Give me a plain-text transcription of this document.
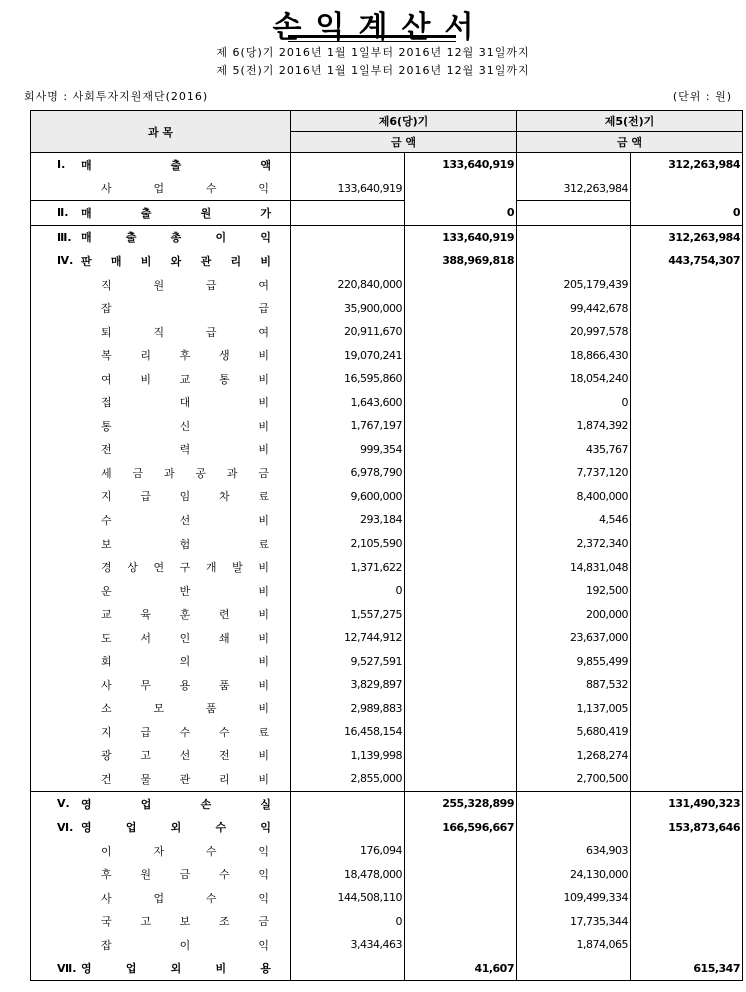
손익계산서
제 6(당)기 2016년 1월 1일부터 2016년 12월 31일까지
제 5(전)기 2016년 1월 1일부터 2016년 12월 31일까지
회사명 : 사회투자지원재단(2016)	(단위 : 원)
과 목	제6(당)기		제5(전)기	
	금 액		금 액	

Ⅰ. 매 출 액		133,640,919		312,263,984

사 업 수 익	133,640,919		312,263,984	

Ⅱ. 매 출 원 가		0		0

Ⅲ. 매 출 총 이 익		133,640,919		312,263,984

Ⅳ. 판 매 비 와 관 리 비		388,969,818		443,754,307

직 원 급 여	220,840,000		205,179,439	

잡 급	35,900,000		99,442,678	

퇴 직 급 여	20,911,670		20,997,578	

복 리 후 생 비	19,070,241		18,866,430	

여 비 교 통 비	16,595,860		18,054,240	

접 대 비	1,643,600		0	

통 신 비	1,767,197		1,874,392	

전 력 비	999,354		435,767	

세 금 과 공 과 금	6,978,790		7,737,120	

지 급 임 차 료	9,600,000		8,400,000	

수 선 비	293,184		4,546	

보 험 료	2,105,590		2,372,340	

경 상 연 구 개 발 비	1,371,622		14,831,048	

운 반 비	0		192,500	

교 육 훈 련 비	1,557,275		200,000	

도 서 인 쇄 비	12,744,912		23,637,000	

회 의 비	9,527,591		9,855,499	

사 무 용 품 비	3,829,897		887,532	

소 모 품 비	2,989,883		1,137,005	

지 급 수 수 료	16,458,154		5,680,419	

광 고 선 전 비	1,139,998		1,268,274	

건 물 관 리 비	2,855,000		2,700,500	

Ⅴ. 영 업 손 실		255,328,899		131,490,323

Ⅵ. 영 업 외 수 익		166,596,667		153,873,646

이 자 수 익	176,094		634,903	

후 원 금 수 익	18,478,000		24,130,000	

사 업 수 익	144,508,110		109,499,334	

국 고 보 조 금	0		17,735,344	

잡 이 익	3,434,463		1,874,065	

Ⅶ. 영 업 외 비 용		41,607		615,347
